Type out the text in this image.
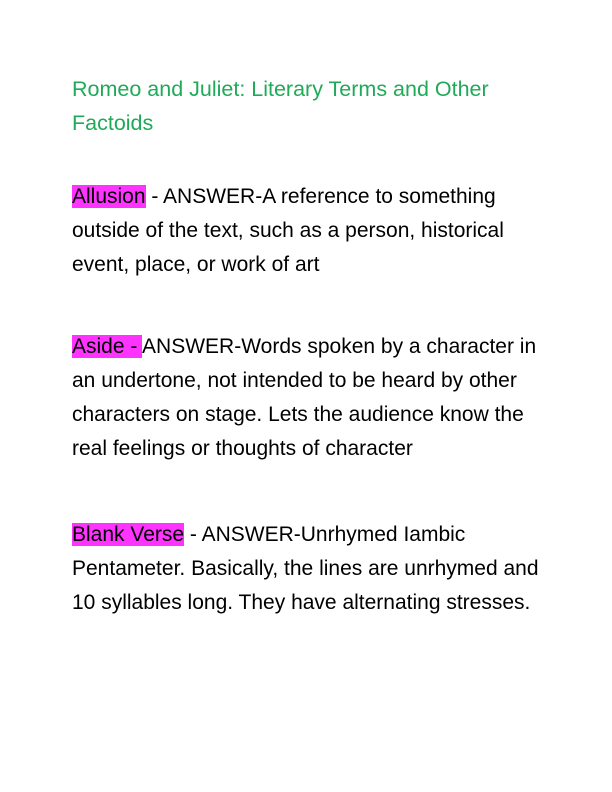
Romeo and Juliet: Literary Terms and Other Factoids

Allusion - ANSWER-A reference to something outside of the text, such as a person, historical event, place, or work of art

Aside - ANSWER-Words spoken by a character in an undertone, not intended to be heard by other characters on stage. Lets the audience know the real feelings or thoughts of character

Blank Verse - ANSWER-Unrhymed Iambic Pentameter. Basically, the lines are unrhymed and 10 syllables long. They have alternating stresses.
